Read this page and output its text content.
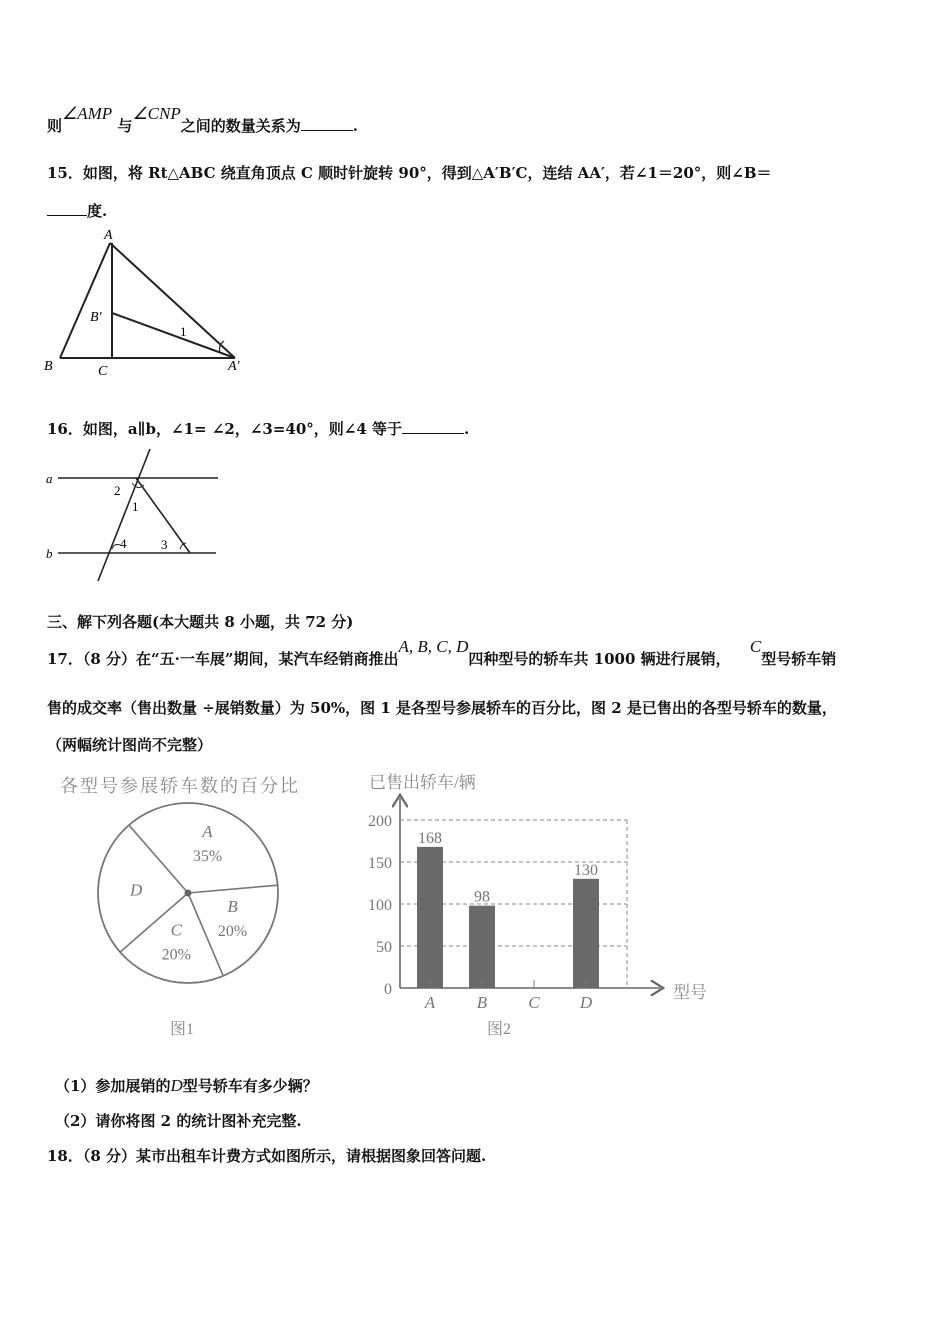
则∠AMP 与∠CNP之间的数量关系为	.
15．如图，将 Rt△ABC 绕直角顶点 C 顺时针旋转 90°，得到△A′B′C，连结 AA′，若∠1＝20°，则∠B＝
度.
A
B	C
B′
A′
1
16．如图，a∥b，∠1= ∠2，∠3=40°，则∠4 等于	.
a
b
2
1
4	3
三、解下列各题(本大题共 8 小题，共 72 分)
17．（8 分）在“五·一车展”期间，某汽车经销商推出A, B, C, D四种型号的轿车共 1000 辆进行展销， C型号轿车销
售的成交率（售出数量 ÷展销数量）为 50%，图 1 是各型号参展轿车的百分比，图 2 是已售出的各型号轿车的数量，
（两幅统计图尚不完整）
各型号参展轿车数的百分比
B
20%
C
20%
D
A
35%
图1
已售出轿车/辆
0
50
100
150
200
168
A
98
B C
130
D
型号
图2
（1）参加展销的D型号轿车有多少辆？
（2）请你将图 2 的统计图补充完整.
18．（8 分）某市出租车计费方式如图所示，请根据图象回答问题.
